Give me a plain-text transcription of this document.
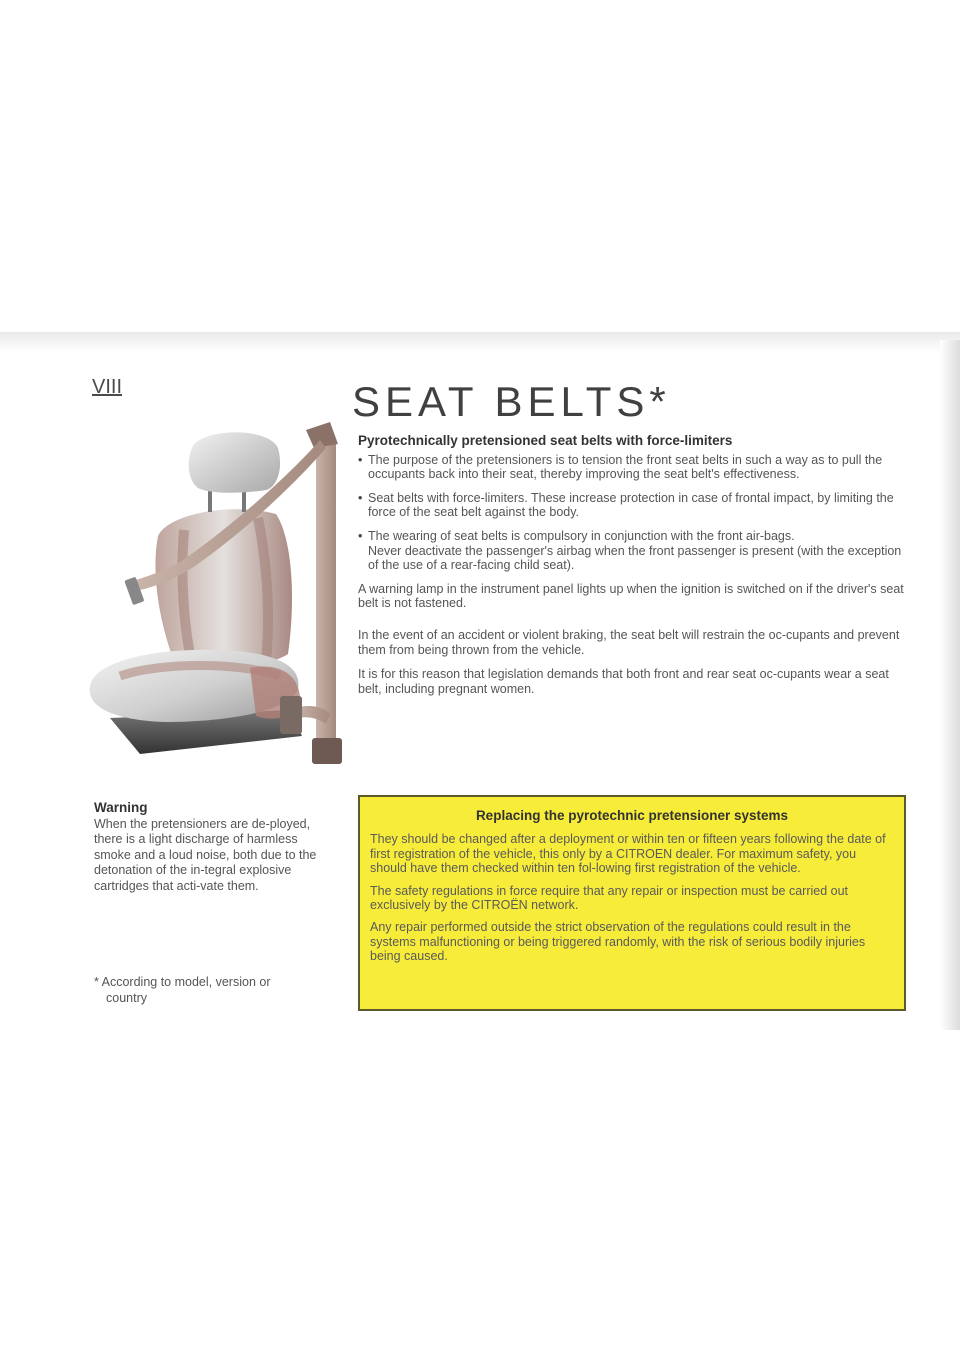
VIII	SEAT BELTS*

Warning

When the pretensioners are de-ployed, there is a light discharge of harmless smoke and a loud noise, both due to the detonation of the in-tegral explosive cartridges that acti-vate them.

* According to model, version or

country

Pyrotechnically pretensioned seat belts with force-limiters

• The purpose of the pretensioners is to tension the front seat belts in such a way as to pull the occupants back into their seat, thereby improving the seat belt's effectiveness.

• Seat belts with force-limiters. These increase protection in case of frontal impact, by limiting the force of the seat belt against the body.

• The wearing of seat belts is compulsory in conjunction with the front air-bags.

Never deactivate the passenger's airbag when the front passenger is present (with the exception of the use of a rear-facing child seat).

A warning lamp in the instrument panel lights up when the ignition is switched on if the driver's seat belt is not fastened.

In the event of an accident or violent braking, the seat belt will restrain the oc-cupants and prevent them from being thrown from the vehicle.

It is for this reason that legislation demands that both front and rear seat oc-cupants wear a seat belt, including pregnant women.

Replacing the pyrotechnic pretensioner systems

They should be changed after a deployment or within ten or fifteen years following the date of first registration of the vehicle, this only by a CITROEN dealer. For maximum safety, you should have them checked within ten fol-lowing first registration of the vehicle.

The safety regulations in force require that any repair or inspection must be carried out exclusively by the CITROËN network.

Any repair performed outside the strict observation of the regulations could result in the systems malfunctioning or being triggered randomly, with the risk of serious bodily injuries being caused.
